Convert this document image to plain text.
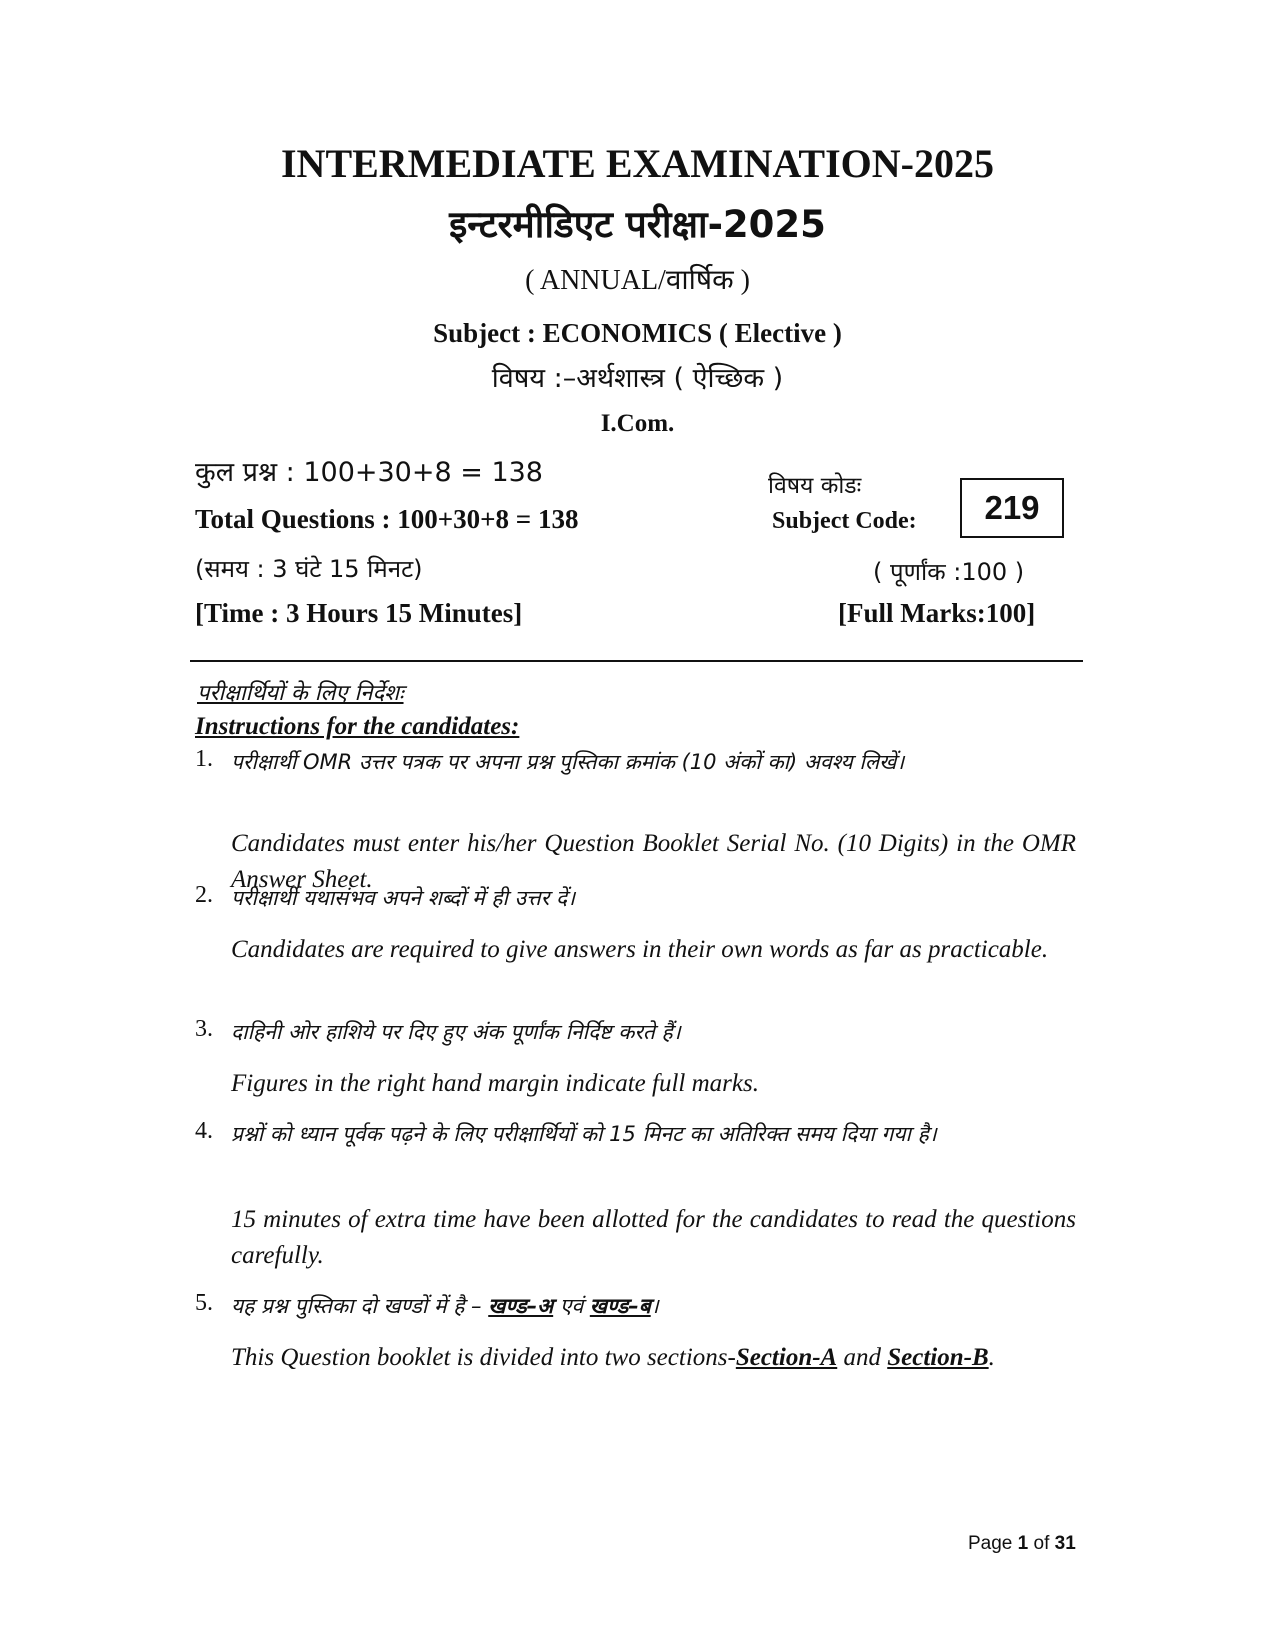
INTERMEDIATE EXAMINATION-2025
इन्टरमीडिएट परीक्षा-2025
( ANNUAL/वार्षिक )
Subject : ECONOMICS ( Elective )
विषय :–अर्थशास्त्र ( ऐच्छिक )
I.Com.
कुल प्रश्न : 100+30+8 = 138
Total Questions : 100+30+8 = 138
(समय : 3 घंटे 15 मिनट)
[Time : 3 Hours 15 Minutes]
विषय कोडः
Subject Code:	219
( पूर्णांक :100 )
[Full Marks:100]
परीक्षार्थियों के लिए निर्देशः
Instructions for the candidates:
1. परीक्षार्थी OMR उत्तर पत्रक पर अपना प्रश्न पुस्तिका क्रमांक (10 अंकों का) अवश्य लिखें।
Candidates must enter his/her Question Booklet Serial No. (10 Digits) in the OMR Answer Sheet.
2. परीक्षार्थी यथासंभव अपने शब्दों में ही उत्तर दें।
Candidates are required to give answers in their own words as far as practicable.
3. दाहिनी ओर हाशिये पर दिए हुए अंक पूर्णांक निर्दिष्ट करते हैं।
Figures in the right hand margin indicate full marks.
4. प्रश्नों को ध्यान पूर्वक पढ़ने के लिए परीक्षार्थियों को 15 मिनट का अतिरिक्त समय दिया गया है।
15 minutes of extra time have been allotted for the candidates to read the questions carefully.
5. यह प्रश्न पुस्तिका दो खण्डों में है – खण्ड–अ एवं खण्ड–ब।
This Question booklet is divided into two sections-Section-A and Section-B.
Page 1 of 31
